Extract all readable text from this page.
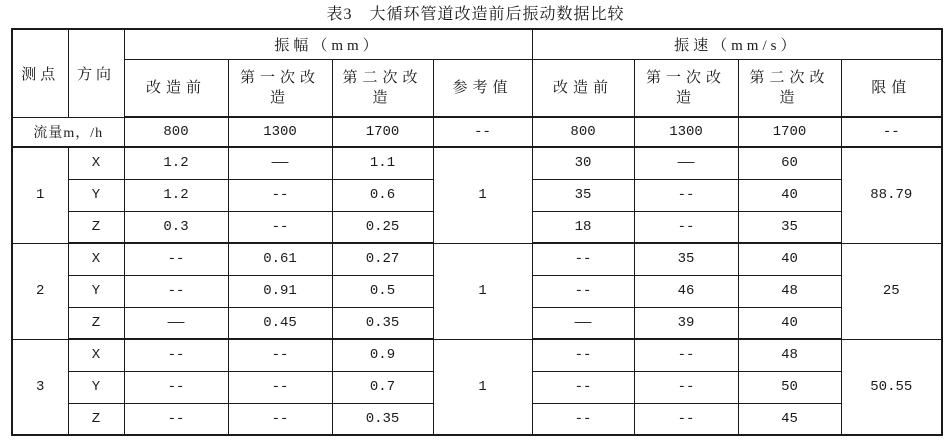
表3　大循环管道改造前后振动数据比较
测点	方向	振幅（mm）				振速（mm/s）			
		改造前	第一次改造	第二次改造	参考值	改造前	第一次改造	第二次改造	限值
流量m，/h		800	1300	1700	--	800	1300	1700	--
1	X	1.2	——	1.1	1	30	——	60	88.79
	Y	1.2	--	0.6		35	--	40	
	Z	0.3	--	0.25		18	--	35	
2	X	--	0.61	0.27	1	--	35	40	25
	Y	--	0.91	0.5		--	46	48	
	Z	——	0.45	0.35		——	39	40	
3	X	--	--	0.9	1	--	--	48	50.55
	Y	--	--	0.7		--	--	50	
	Z	--	--	0.35		--	--	45	
